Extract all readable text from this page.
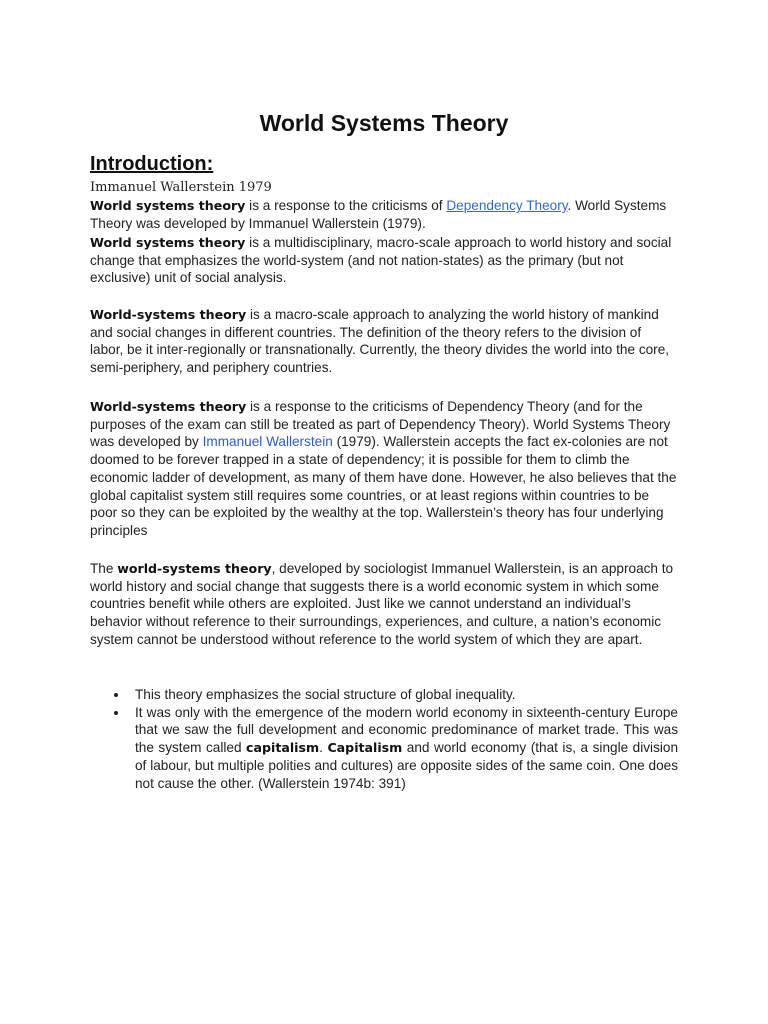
World Systems Theory
Introduction:

Immanuel Wallerstein 1979

World systems theory is a response to the criticisms of Dependency Theory. World Systems Theory was developed by Immanuel Wallerstein (1979).

World systems theory is a multidisciplinary, macro-scale approach to world history and social change that emphasizes the world-system (and not nation-states) as the primary (but not exclusive) unit of social analysis.

World-systems theory is a macro-scale approach to analyzing the world history of mankind and social changes in different countries. The definition of the theory refers to the division of labor, be it inter-regionally or transnationally. Currently, the theory divides the world into the core, semi-periphery, and periphery countries.

World-systems theory is a response to the criticisms of Dependency Theory (and for the purposes of the exam can still be treated as part of Dependency Theory). World Systems Theory was developed by Immanuel Wallerstein (1979). Wallerstein accepts the fact ex-colonies are not doomed to be forever trapped in a state of dependency; it is possible for them to climb the economic ladder of development, as many of them have done. However, he also believes that the global capitalist system still requires some countries, or at least regions within countries to be poor so they can be exploited by the wealthy at the top. Wallerstein’s theory has four underlying principles

The world-systems theory, developed by sociologist Immanuel Wallerstein, is an approach to world history and social change that suggests there is a world economic system in which some countries benefit while others are exploited. Just like we cannot understand an individual’s behavior without reference to their surroundings, experiences, and culture, a nation’s economic system cannot be understood without reference to the world system of which they are apart.

This theory emphasizes the social structure of global inequality.
It was only with the emergence of the modern world economy in sixteenth-century Europe that we saw the full development and economic predominance of market trade. This was the system called capitalism. Capitalism and world economy (that is, a single division of labour, but multiple polities and cultures) are opposite sides of the same coin. One does not cause the other. (Wallerstein 1974b: 391)
